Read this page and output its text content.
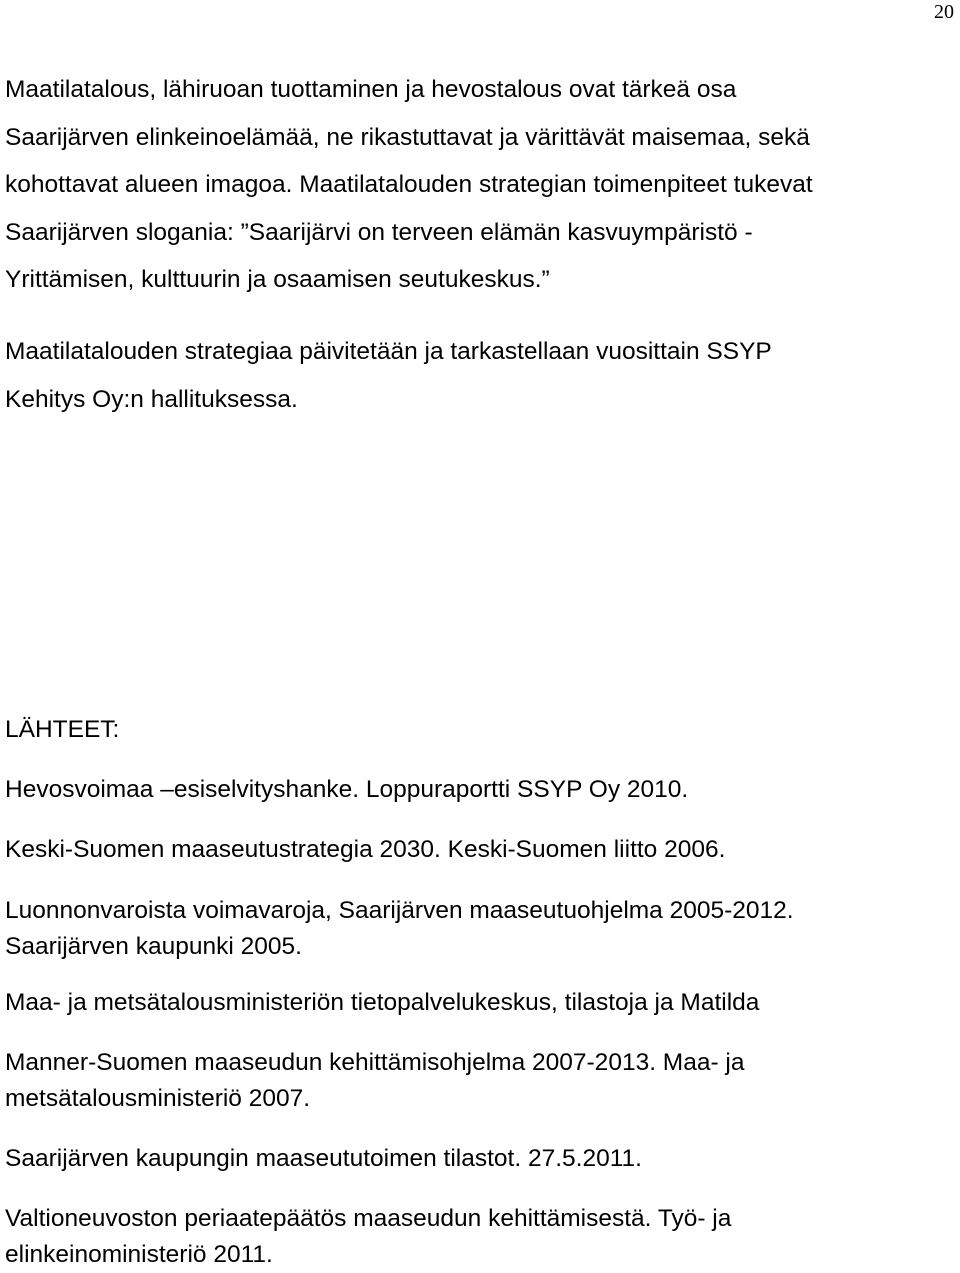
20

Maatilatalous, lähiruoan tuottaminen ja hevostalous ovat tärkeä osa
Saarijärven elinkeinoelämää, ne rikastuttavat ja värittävät maisemaa, sekä
kohottavat alueen imagoa. Maatilatalouden strategian toimenpiteet tukevat
Saarijärven slogania: ”Saarijärvi on terveen elämän kasvuympäristö -
Yrittämisen, kulttuurin ja osaamisen seutukeskus.”

Maatilatalouden strategiaa päivitetään ja tarkastellaan vuosittain SSYP
Kehitys Oy:n hallituksessa.

LÄHTEET:

Hevosvoimaa –esiselvityshanke. Loppuraportti SSYP Oy 2010.

Keski-Suomen maaseutustrategia 2030. Keski-Suomen liitto 2006.

Luonnonvaroista voimavaroja, Saarijärven maaseutuohjelma 2005-2012.
Saarijärven kaupunki 2005.

Maa- ja metsätalousministeriön tietopalvelukeskus, tilastoja ja Matilda

Manner-Suomen maaseudun kehittämisohjelma 2007-2013. Maa- ja
metsätalousministeriö 2007.

Saarijärven kaupungin maaseututoimen tilastot. 27.5.2011.

Valtioneuvoston periaatepäätös maaseudun kehittämisestä. Työ- ja
elinkeinoministeriö 2011.
